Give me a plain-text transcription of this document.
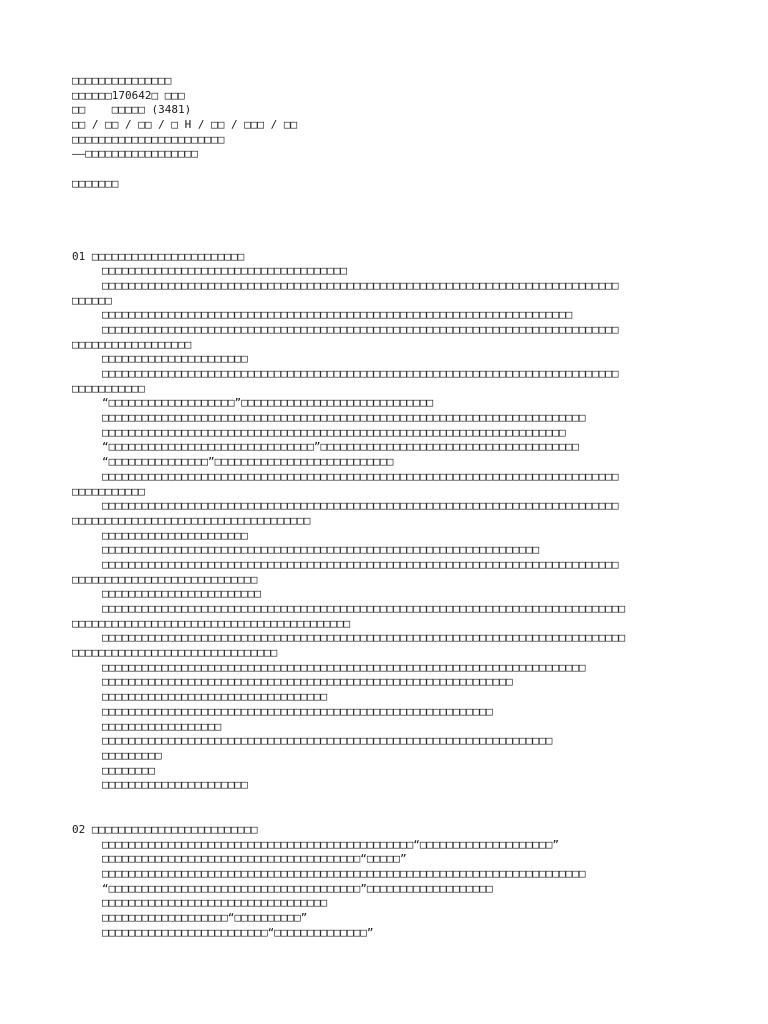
□□□□□□□□□□□□□□□
□□□□□□170642□ □□□
□□    □□□□□ (3481)
□□ / □□ / □□ / □ H / □□ / □□□ / □□
□□□□□□□□□□□□□□□□□□□□□□□
——□□□□□□□□□□□□□□□□□
□□□□□□□
01 □□□□□□□□□□□□□□□□□□□□□□□
□□□□□□□□□□□□□□□□□□□□□□□□□□□□□□□□□□□□□
□□□□□□□□□□□□□□□□□□□□□□□□□□□□□□□□□□□□□□□□□□□□□□□□□□□□□□□□□□□□□□□□□□□□□□□□□□□□□□
□□□□□□
□□□□□□□□□□□□□□□□□□□□□□□□□□□□□□□□□□□□□□□□□□□□□□□□□□□□□□□□□□□□□□□□□□□□□□□
□□□□□□□□□□□□□□□□□□□□□□□□□□□□□□□□□□□□□□□□□□□□□□□□□□□□□□□□□□□□□□□□□□□□□□□□□□□□□□
□□□□□□□□□□□□□□□□□□
□□□□□□□□□□□□□□□□□□□□□□
□□□□□□□□□□□□□□□□□□□□□□□□□□□□□□□□□□□□□□□□□□□□□□□□□□□□□□□□□□□□□□□□□□□□□□□□□□□□□□
□□□□□□□□□□□
“□□□□□□□□□□□□□□□□□□□”□□□□□□□□□□□□□□□□□□□□□□□□□□□□□
□□□□□□□□□□□□□□□□□□□□□□□□□□□□□□□□□□□□□□□□□□□□□□□□□□□□□□□□□□□□□□□□□□□□□□□□□
□□□□□□□□□□□□□□□□□□□□□□□□□□□□□□□□□□□□□□□□□□□□□□□□□□□□□□□□□□□□□□□□□□□□□□
“□□□□□□□□□□□□□□□□□□□□□□□□□□□□□□□”□□□□□□□□□□□□□□□□□□□□□□□□□□□□□□□□□□□□□□□
“□□□□□□□□□□□□□□□”□□□□□□□□□□□□□□□□□□□□□□□□□□□
□□□□□□□□□□□□□□□□□□□□□□□□□□□□□□□□□□□□□□□□□□□□□□□□□□□□□□□□□□□□□□□□□□□□□□□□□□□□□□
□□□□□□□□□□□
□□□□□□□□□□□□□□□□□□□□□□□□□□□□□□□□□□□□□□□□□□□□□□□□□□□□□□□□□□□□□□□□□□□□□□□□□□□□□□
□□□□□□□□□□□□□□□□□□□□□□□□□□□□□□□□□□□□
□□□□□□□□□□□□□□□□□□□□□□
□□□□□□□□□□□□□□□□□□□□□□□□□□□□□□□□□□□□□□□□□□□□□□□□□□□□□□□□□□□□□□□□□□
□□□□□□□□□□□□□□□□□□□□□□□□□□□□□□□□□□□□□□□□□□□□□□□□□□□□□□□□□□□□□□□□□□□□□□□□□□□□□□
□□□□□□□□□□□□□□□□□□□□□□□□□□□□
□□□□□□□□□□□□□□□□□□□□□□□□
□□□□□□□□□□□□□□□□□□□□□□□□□□□□□□□□□□□□□□□□□□□□□□□□□□□□□□□□□□□□□□□□□□□□□□□□□□□□□□□
□□□□□□□□□□□□□□□□□□□□□□□□□□□□□□□□□□□□□□□□□□
□□□□□□□□□□□□□□□□□□□□□□□□□□□□□□□□□□□□□□□□□□□□□□□□□□□□□□□□□□□□□□□□□□□□□□□□□□□□□□□
□□□□□□□□□□□□□□□□□□□□□□□□□□□□□□□
□□□□□□□□□□□□□□□□□□□□□□□□□□□□□□□□□□□□□□□□□□□□□□□□□□□□□□□□□□□□□□□□□□□□□□□□□
□□□□□□□□□□□□□□□□□□□□□□□□□□□□□□□□□□□□□□□□□□□□□□□□□□□□□□□□□□□□□□
□□□□□□□□□□□□□□□□□□□□□□□□□□□□□□□□□□
□□□□□□□□□□□□□□□□□□□□□□□□□□□□□□□□□□□□□□□□□□□□□□□□□□□□□□□□□□□
□□□□□□□□□□□□□□□□□□
□□□□□□□□□□□□□□□□□□□□□□□□□□□□□□□□□□□□□□□□□□□□□□□□□□□□□□□□□□□□□□□□□□□□
□□□□□□□□□
□□□□□□□□
□□□□□□□□□□□□□□□□□□□□□□
02 □□□□□□□□□□□□□□□□□□□□□□□□□
□□□□□□□□□□□□□□□□□□□□□□□□□□□□□□□□□□□□□□□□□□□□□□□“□□□□□□□□□□□□□□□□□□□□”
□□□□□□□□□□□□□□□□□□□□□□□□□□□□□□□□□□□□□□□“□□□□□”
□□□□□□□□□□□□□□□□□□□□□□□□□□□□□□□□□□□□□□□□□□□□□□□□□□□□□□□□□□□□□□□□□□□□□□□□□
“□□□□□□□□□□□□□□□□□□□□□□□□□□□□□□□□□□□□□□”□□□□□□□□□□□□□□□□□□□
□□□□□□□□□□□□□□□□□□□□□□□□□□□□□□□□□□
□□□□□□□□□□□□□□□□□□□“□□□□□□□□□□”
□□□□□□□□□□□□□□□□□□□□□□□□□“□□□□□□□□□□□□□□”
